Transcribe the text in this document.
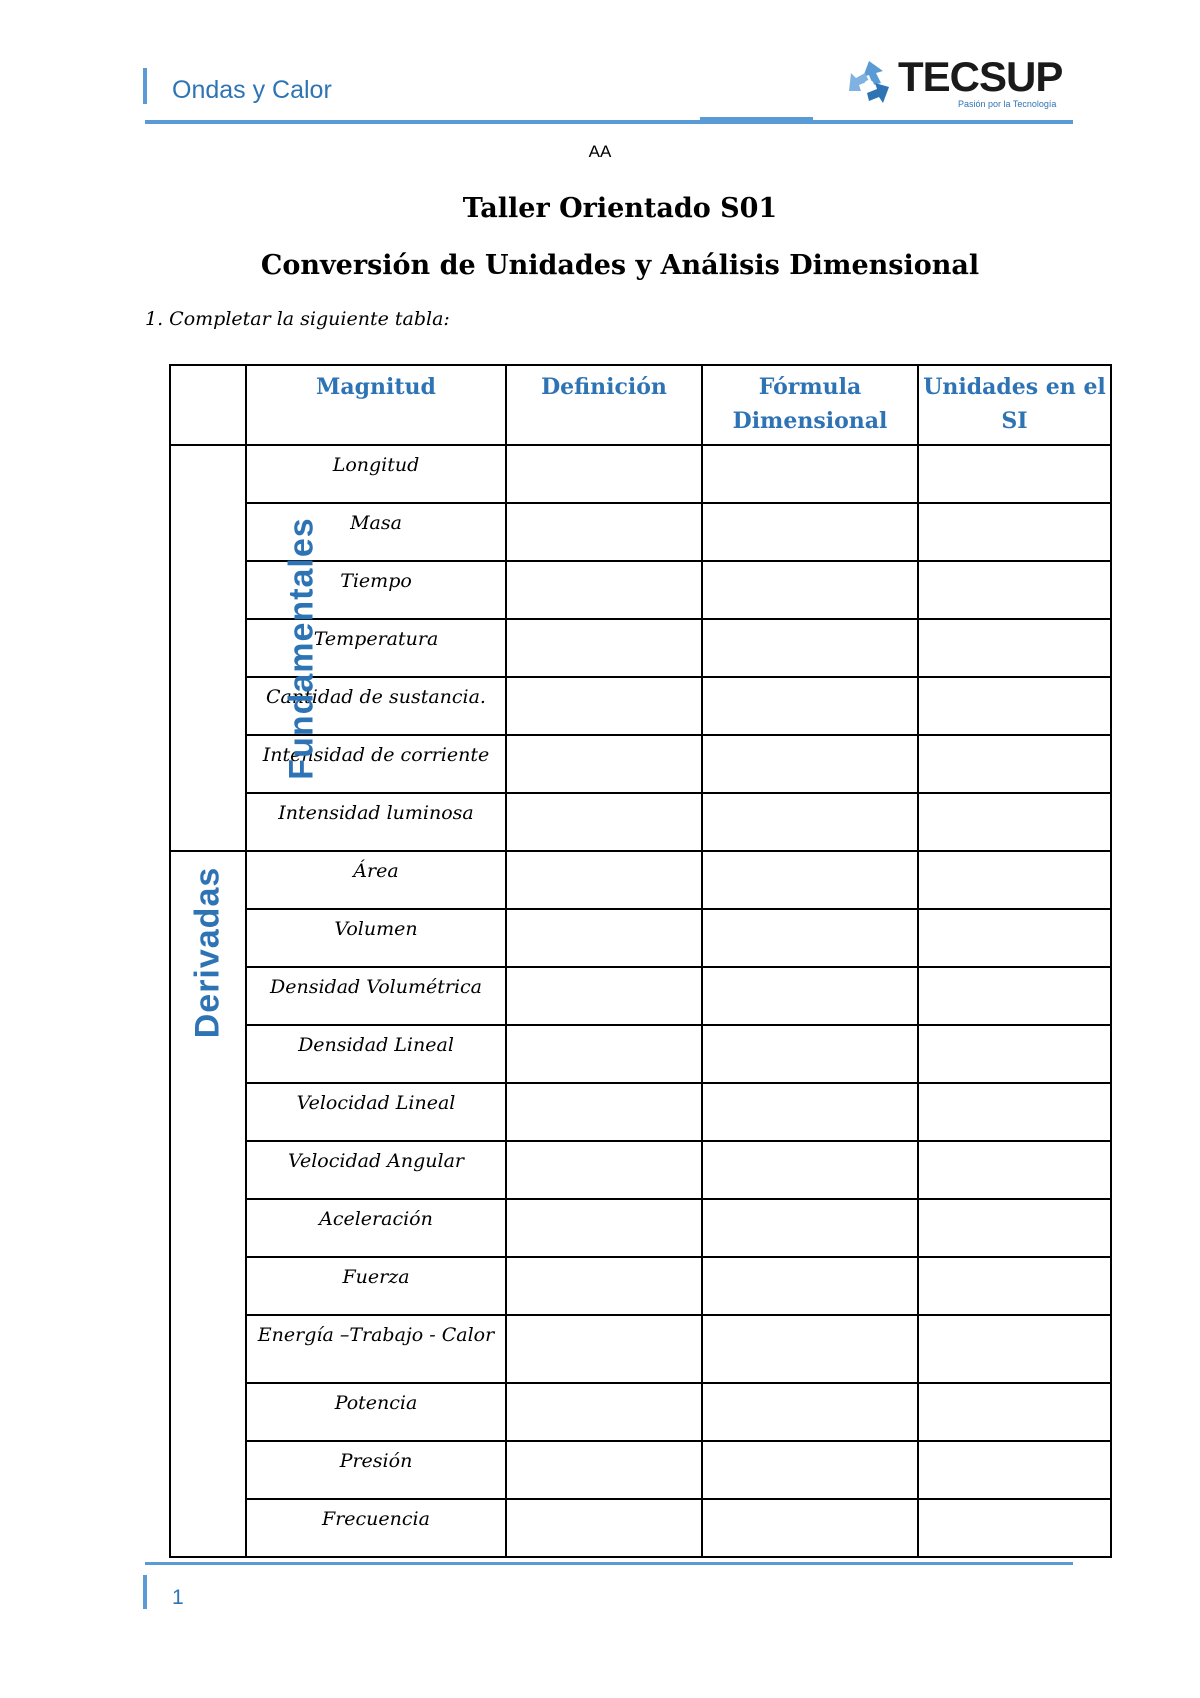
Ondas y Calor	TECSUP
Pasión por la Tecnología
AA
Taller Orientado S01
Conversión de Unidades y Análisis Dimensional
1. Completar la siguiente tabla:
	Magnitud	Definición	Fórmula Dimensional	Unidades en el SI
Fundamentales	Longitud			
	Masa			
	Tiempo			
	Temperatura			
	Cantidad de sustancia.			
	Intensidad de corriente			
	Intensidad luminosa			

Derivadas	Área			
	Volumen			
	Densidad Volumétrica			
	Densidad Lineal			
	Velocidad Lineal			
	Velocidad Angular			
	Aceleración			
	Fuerza			
	Energía –Trabajo - Calor			
	Potencia			
	Presión			
	Frecuencia			
1
